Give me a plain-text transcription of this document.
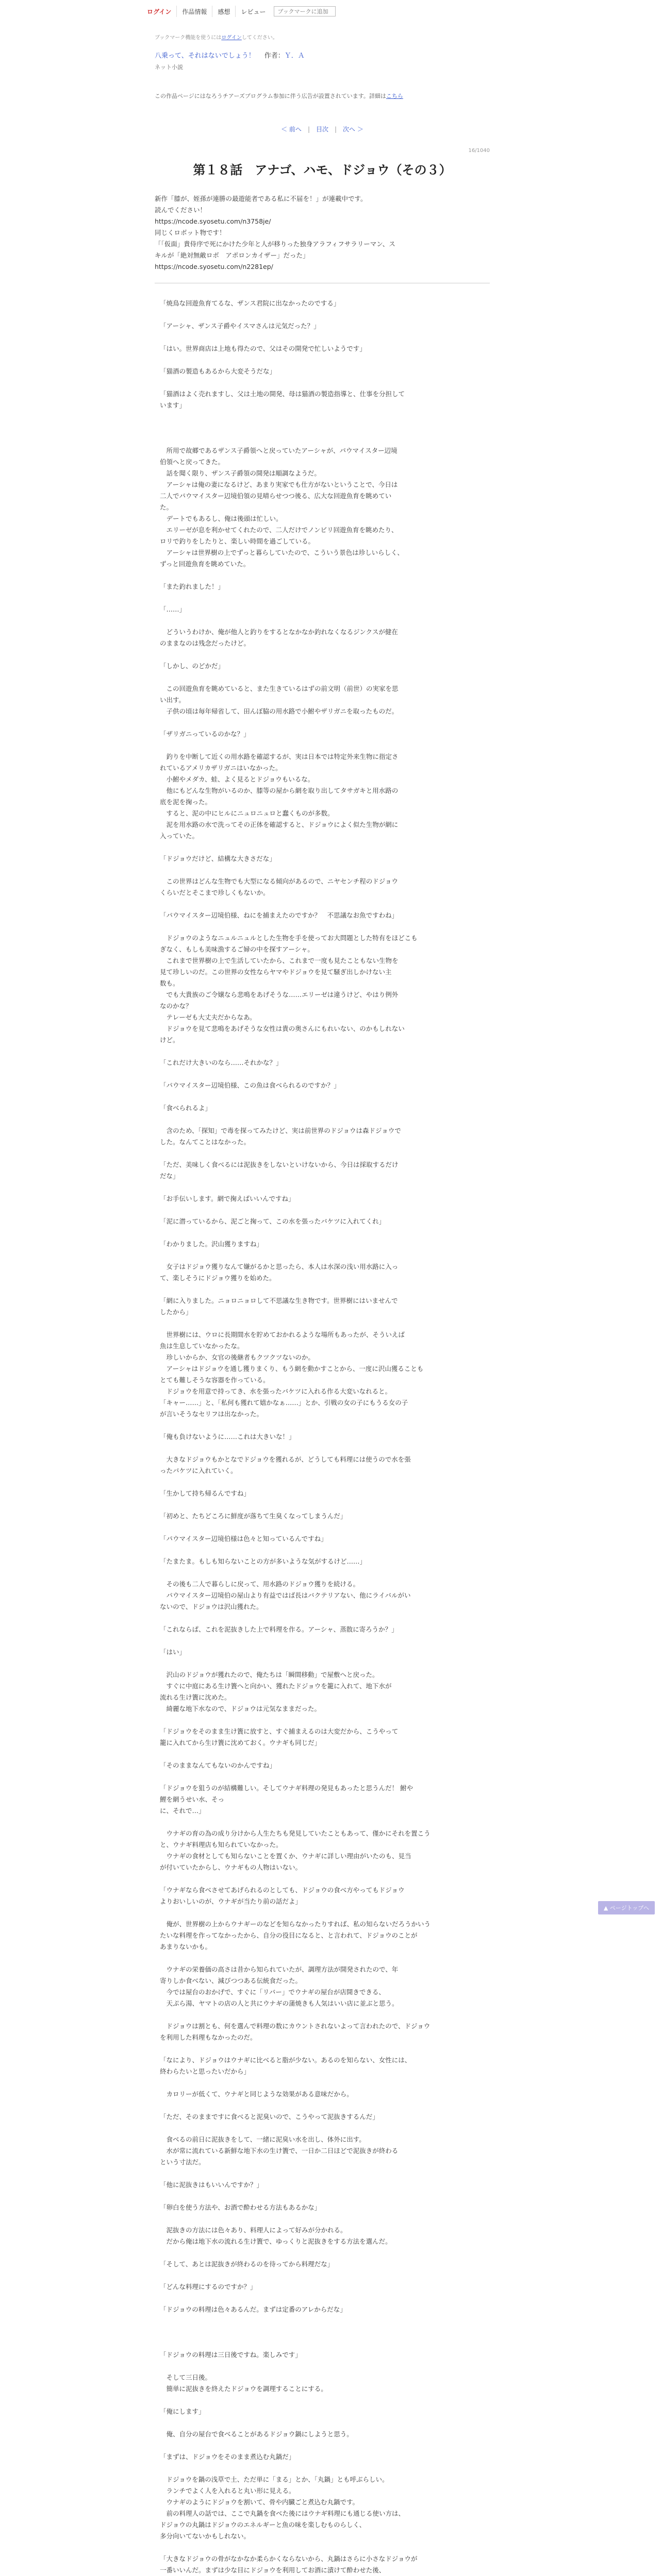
ログイン 作品情報 感想 レビュー
ブックマークに追加
ブックマーク機能を使うにはログインしてください。
八乗って、それはないでしょう！ 作者：Ｙ．Ａ
ネット小説
この作品ページにはなろうチアーズプログラム参加に伴う広告が設置されています。詳細はこちら
＜ 前へ | 目次 | 次へ ＞
16/1040
第１８話　アナゴ、ハモ、ドジョウ（その３）

新作「膝が、姪孫が連勝の最遊能者である私に不届を！」が連載中です。

読んでください！

https://ncode.syosetu.com/n3758je/

同じくロボット物です！

「「仮面」貴侍序で死にかけた少年と人が移りった独身アラフィフサラリーマン、ス

キルが「絶対無敵ロボ　アポロンカイザー」だった」

https://ncode.syosetu.com/n2281ep/

「焼鳥な回遊魚育てるな、ザンス君院に出なかったのでする」

「アーシャ、ザンス子爵やイスマさんは元気だった？」

「はい。世界商店は上地も得たので、父はその開発で忙しいようです」

「猫酒の製造もあるから大変そうだな」

「猫酒はよく売れますし、父は土地の開発、母は猫酒の製造指導と、仕事を分担して

います」

　所用で故郷であるザンス子爵領へと戻っていたアーシャが、パウマイスター辺境

伯領へと戻ってきた。

　話を聞く限り、ザンス子爵領の開発は順調なようだ。

　アーシャは俺の妻になるけど、あまり実家でも仕方がないということで、今日は

二人でパウマイスター辺境伯領の見晴らせつつ後る、広大な回遊魚育を眺めてい

た。

　デートでもあるし、俺は後頭は忙しい。

　エリーゼが息を利かせてくれたので、二人だけでノンビリ回遊魚育を眺めたり、

ロリで釣りをしたりと、楽しい時間を過ごしている。

　アーシャは世界樹の上でずっと暮らしていたので、こういう景色は珍しいらしく、

ずっと回遊魚育を眺めていた。

「また釣れました！」

「……」

　どういうわけか、俺が他人と釣りをするとなかなか釣れなくなるジンクスが健在

のままなのは残念だったけど。

「しかし、のどかだ」

　この回遊魚育を眺めていると、また生きているはずの前文明（前世）の実家を思

い出す。

　子供の頃は毎年帰省して、田んぼ脇の用水路で小鮒やザリガニを取ったものだ。

「ザリガニっているのかな？」

　釣りを中断して近くの用水路を確認するが、実は日本では特定外来生物に指定さ

れているアメリカザリガニはいなかった。

　小鮒やメダカ、蛙、よく見るとドジョウもいるな。

　他にもどんな生物がいるのか、膝等の屋から網を取り出してタサガキと用水路の

底を泥を掬った。

　すると、泥の中にヒルにニュロニュロと蠢くものが多数。

　泥を用水路の水で洗ってその正体を確認すると、ドジョウによく似た生物が網に

入っていた。

「ドジョウだけど、結構な大きさだな」

　この世界はどんな生物でも大型になる傾向があるので、ニヤセンチ程のドジョウ

くらいだとそこまで珍しくもないか。

「パウマイスター辺境伯様、ねにを捕まえたのですか？　不思議なお魚ですわね」

　ドジョウのようなニュルニュルとした生物を手を使ってお大問題とした特有をほどこも

ぎなく、もしも美味漁するご婦の中を探すアーシャ。

　これまで世界樹の上で生活していたから、これまで一度も見たこともない生物を

見て珍しいのだ。この世界の女性ならヤマやドジョウを見て騒ぎ出しかけない主

数も。

　でも大貴族のご令嬢なら悲鳴をあげそうな……エリーゼは違うけど、やはり例外

なのかな？

　テレーゼも大丈夫だからなあ。

　ドジョウを見て悲鳴をあげそうな女性は貴の奥さんにもれいない、のかもしれない

けど。

「これだけ大きいのなら……それかな？」

「パウマイスター辺境伯様、この魚は食べられるのですか？」

「食べられるよ」

　含のため、「探知」で毒を探ってみたけど、実は前世界のドジョウは森ドジョウで

した。なんてことはなかった。

「ただ、美味しく食べるには泥抜きをしないといけないから、今日は採取するだけ

だな」

「お手伝いします。網で掬えばいいんですね」

「泥に潜っているから、泥ごと掬って、この水を張ったバケツに入れてくれ」

「わかりました。沢山獲りますね」

　女子はドジョウ獲りなんて嫌がるかと思ったら、本人は水深の浅い用水路に入っ

て、楽しそうにドジョウ獲りを始めた。

「網に入りました。ニョロニョロして不思議な生き物です。世界樹にはいませんで

したから」

　世界樹には、ウロに長期間水を貯めておかれるような場所もあったが、そういえば

魚は生息していなかったな。

　珍しいからか、女官の後継者もクツクツないのか。

　アーシャはドジョウを通し獲りまくり、もう網を動かすことから、一度に沢山獲ることも

とても難しそうな容器を作っている。

　ドジョウを用意で持ってき、水を張ったバケツに入れる作る大変いなれると。

「キャー……」と、「私何も獲れて嬉かなぁ……」とか、引戦の女の子にもうる女の子

が言いそうなセリフは出なかった。

「俺も負けないように……これは大きいな！」

　大きなドジョウもかとなでドジョウを獲れるが、どうしても料理には使うので水を張

ったバケツに入れていく。

「生かして持ち帰るんですね」

「初めと、たちどころに鮮度が落ちて生臭くなってしまうんだ」

「パウマイスター辺境伯様は色々と知っているんですね」

「たまたま。もしも知らないことの方が多いような気がするけど……」

　その後も二人で暮らしに戻って、用水路のドジョウ獲りを続ける。

　パウマイスター辺境伯の屋山より有益ではば長はバクテリアない、他にライバルがい

ないので、ドジョウは沢山獲れた。

「これならぱ、これを泥抜きした上で料理を作る。アーシャ、蒸散に寄ろうか？」

「はい」

　沢山のドジョウが獲れたので、俺たちは「瞬間移動」で屋敷へと戻った。

　すぐに中庭にある生け簀へと向かい、獲れたドジョウを籠に入れて、地下水が

流れる生け簀に沈めた。

　綺麗な地下水なので、ドジョウは元気なままだった。

「ドジョウをそのまま生け簀に放すと、すぐ捕まえるのは大変だから、こうやって

籠に入れてから生け簀に沈めておく。ウナギも同じだ」

「そのままなんてもないのかんですね」

「ドジョウを狙うのが結構難しい。そしてウナギ料理の発見もあったと思うんだ！ 鮒や

鯉を網うせい水、そっ

に、それで…」

　ウナギの育の為の成り分けから人生たちも発見していたこともあって、僅かにそれを置こう

と、ウナギ料理店も知られていなかった。

　ウナギの食材としても知らないことを置くか、ウナギに詳しい理由がいたのも、見当

が付いていたからし、ウナギもの人物はいない。

「ウナギなら食べさせてあげられるのとしても、ドジョウの食べ方やってもドジョウ

よりおいしいのが、ウナギが当たり前の話だよ」

　俺が、世界樹の上からウナギーのなどを知らなかったりすれば、私の知らないだろうかいう

たいな料理を作ってなかったから、自分の役目になると、と言われて、ドジョウのことが

あまりないかも。

　ウナギの栄養価の高さは昔から知られていたが、調理方法が開発されたので、年

寄りしか食べない、減びつつある伝統食だった。

　今では屋台のおかげで、すぐに「リバー」でウナギの屋台が店開きできる、

　天ぷら湯、ヤマトの店の人と共にウナギの蒲焼きも人気はいい店に並ぶと思う。

　ドジョウは割とも、何を選んで料理の数にカウントされないよって言われたので、ドジョウ

を利用した料理もなかったのだ。

「なにより、ドジョウはウナギに比べると脂が少ない。あるのを知らない、女性には、

終わらたいと思ったいだから」

　カロリーが低くて、ウナギと同じような効果がある意味だから。

「ただ、そのままですに食べると泥臭いので、こうやって泥抜きするんだ」

　食べるの前日に泥抜きをして、一緒に泥臭い水を出し、体外に出す。

　水が常に流れている新鮮な地下水の生け簀で、一日か二日ほどで泥抜きが終わる

という寸法だ。

「他に泥抜きはもいいんですか？」

「卵白を使う方法や、お酒で酔わせる方法もあるかな」

　泥抜きの方法には色々あり、料理人によって好みが分かれる。

　だから俺は地下水の流れる生け簀で、ゆっくりと泥抜きをする方法を選んだ。

「そして、あとは泥抜きが終わるのを待ってから料理だな」

「どんな料理にするのですか？」

「ドジョウの料理は色々あるんだ。まずは定番のアレからだな」

「ドジョウの料理は三日後ですね。楽しみです」

　そして三日後。

　簡単に泥抜きを終えたドジョウを調理することにする。

「俺にします」

　俺、自分の屋台で食べることがあるドジョウ鍋にしようと思う。

「まずは、ドジョウをそのまま煮込む丸鍋だ」

　ドジョウを鍋の浅草で土、ただ単に「まる」とか、「丸鍋」とも呼ぶらしい。

　ランチでよく人を入れると丸い形に見える。

　ウナギのようにドジョウを割いて、骨や内臓ごと煮込む丸鍋です。

　前の料理人の話では、ここで丸鍋を食べた後にはウナギ料理にも通じる使い方は、

ドジョウの丸鍋はドジョウのエネルギーと魚の味を楽しむものらしく、

多分向いてないかもしれない。

「大きなドジョウの骨がなかなか柔らかくならないから、丸鍋はさらに小さなドジョウが

一番いいんだ。まずは少な目にドジョウを利用してお酒に漬けて酔わせた後、

▲ ページトップへ
